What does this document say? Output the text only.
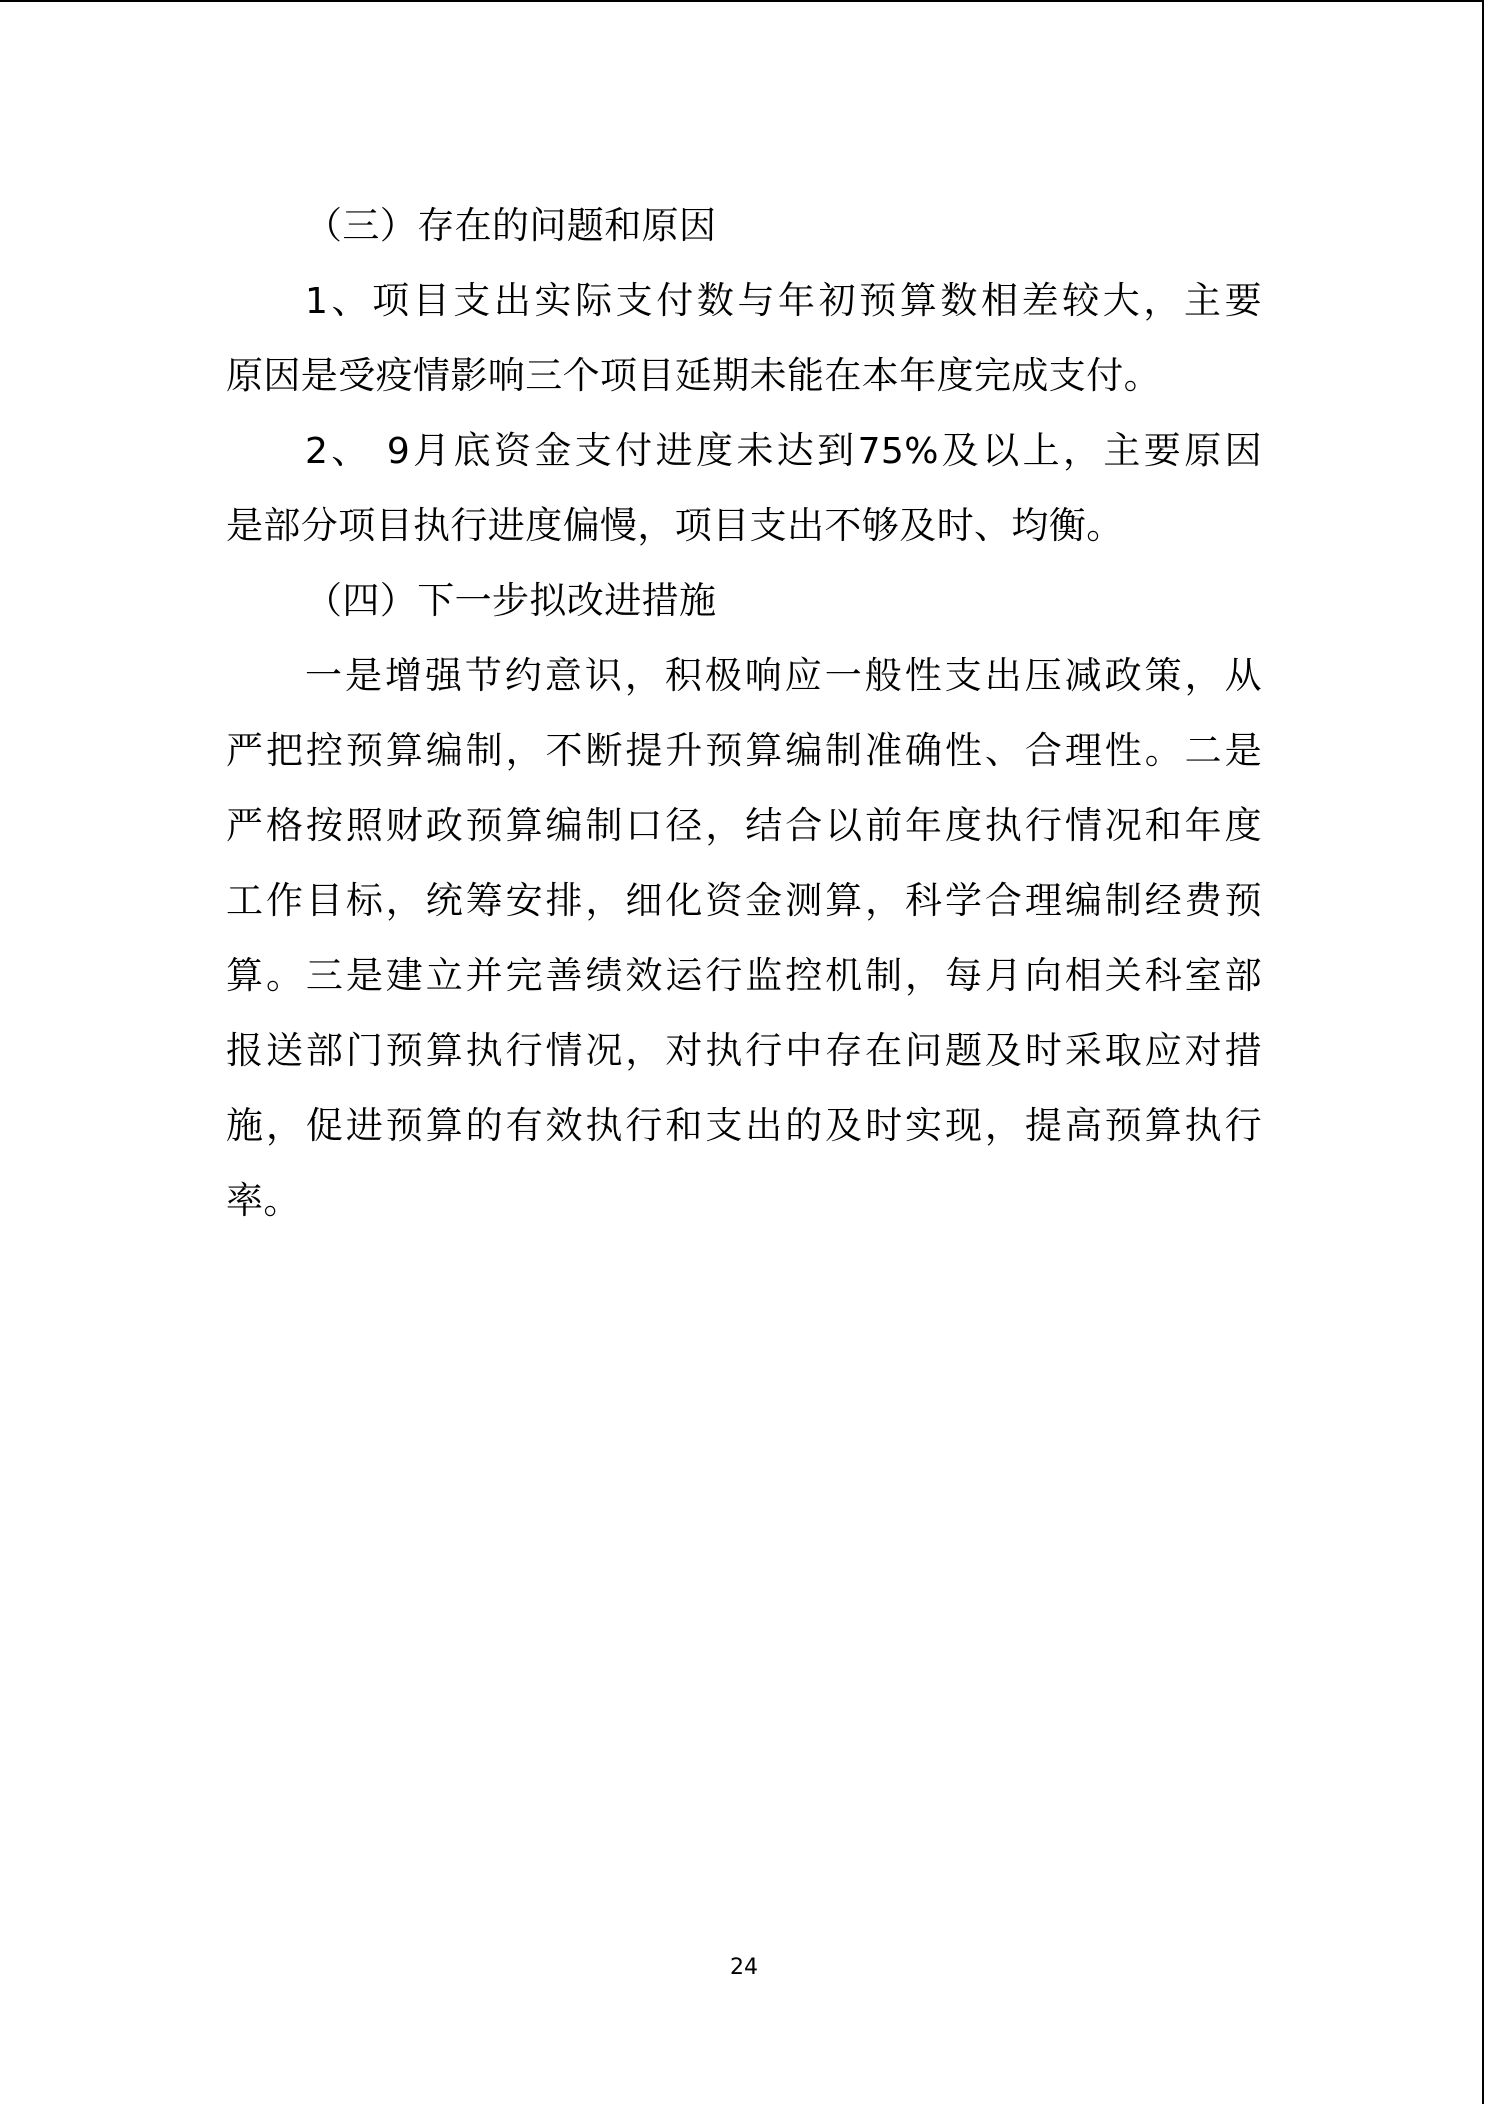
（三）存在的问题和原因
1、项目支出实际支付数与年初预算数相差较大，主要
原因是受疫情影响三个项目延期未能在本年度完成支付。
2、 9月底资金支付进度未达到75%及以上，主要原因
是部分项目执行进度偏慢，项目支出不够及时、均衡。
（四）下一步拟改进措施
一是增强节约意识，积极响应一般性支出压减政策，从
严把控预算编制，不断提升预算编制准确性、合理性。二是
严格按照财政预算编制口径，结合以前年度执行情况和年度
工作目标，统筹安排，细化资金测算，科学合理编制经费预
算。三是建立并完善绩效运行监控机制，每月向相关科室部
报送部门预算执行情况，对执行中存在问题及时采取应对措
施，促进预算的有效执行和支出的及时实现，提高预算执行
率。
24
